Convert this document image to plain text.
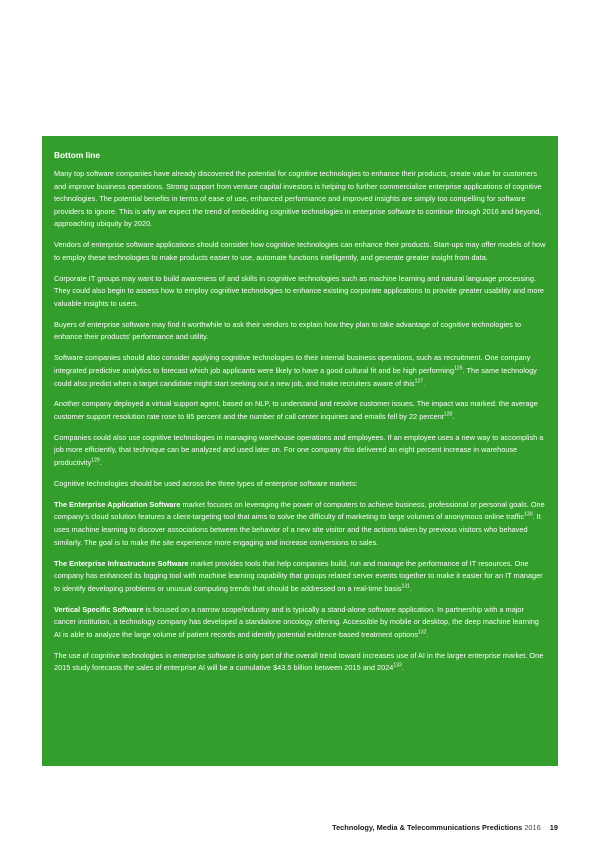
Bottom line

Many top software companies have already discovered the potential for cognitive technologies to enhance their products, create value for customers and improve business operations. Strong support from venture capital investors is helping to further commercialize enterprise applications of cognitive technologies. The potential benefits in terms of ease of use, enhanced performance and improved insights are simply too compelling for software providers to ignore. This is why we expect the trend of embedding cognitive technologies in enterprise software to continue through 2016 and beyond, approaching ubiquity by 2020.

Vendors of enterprise software applications should consider how cognitive technologies can enhance their products. Start-ups may offer models of how to employ these technologies to make products easier to use, automate functions intelligently, and generate greater insight from data.

Corporate IT groups may want to build awareness of and skills in cognitive technologies such as machine learning and natural language processing. They could also begin to assess how to employ cognitive technologies to enhance existing corporate applications to provide greater usability and more valuable insights to users.

Buyers of enterprise software may find it worthwhile to ask their vendors to explain how they plan to take advantage of cognitive technologies to enhance their products’ performance and utility.

Software companies should also consider applying cognitive technologies to their internal business operations, such as recruitment. One company integrated predictive analytics to forecast which job applicants were likely to have a good cultural fit and be high performing$^{126}$. The same technology could also predict when a target candidate might start seeking out a new job, and make recruiters aware of this$^{127}$.

Another company deployed a virtual support agent, based on NLP, to understand and resolve customer issues. The impact was marked: the average customer support resolution rate rose to 85 percent and the number of call center inquiries and emails fell by 22 percent$^{128}$.

Companies could also use cognitive technologies in managing warehouse operations and employees. If an employee uses a new way to accomplish a job more efficiently, that technique can be analyzed and used later on. For one company this delivered an eight percent increase in warehouse productivity$^{129}$.

Cognitive technologies should be used across the three types of enterprise software markets:

The Enterprise Application Software market focuses on leveraging the power of computers to achieve business, professional or personal goals. One company’s cloud solution features a client-targeting tool that aims to solve the difficulty of marketing to large volumes of anonymous online traffic$^{130}$. It uses machine learning to discover associations between the behavior of a new site visitor and the actions taken by previous visitors who behaved similarly. The goal is to make the site experience more engaging and increase conversions to sales.

The Enterprise Infrastructure Software market provides tools that help companies build, run and manage the performance of IT resources. One company has enhanced its logging tool with machine learning capability that groups related server events together to make it easier for an IT manager to identify developing problems or unusual computing trends that should be addressed on a real-time basis$^{131}$.

Vertical Specific Software is focused on a narrow scope/industry and is typically a stand-alone software application. In partnership with a major cancer institution, a technology company has developed a standalone oncology offering. Accessible by mobile or desktop, the deep machine learning AI is able to analyze the large volume of patient records and identify potential evidence-based treatment options$^{132}$.

The use of cognitive technologies in enterprise software is only part of the overall trend toward increases use of AI in the larger enterprise market. One 2015 study forecasts the sales of enterprise AI will be a cumulative $43.5 billion between 2015 and 2024$^{133}$.

Technology, Media & Telecommunications Predictions 2016 19
